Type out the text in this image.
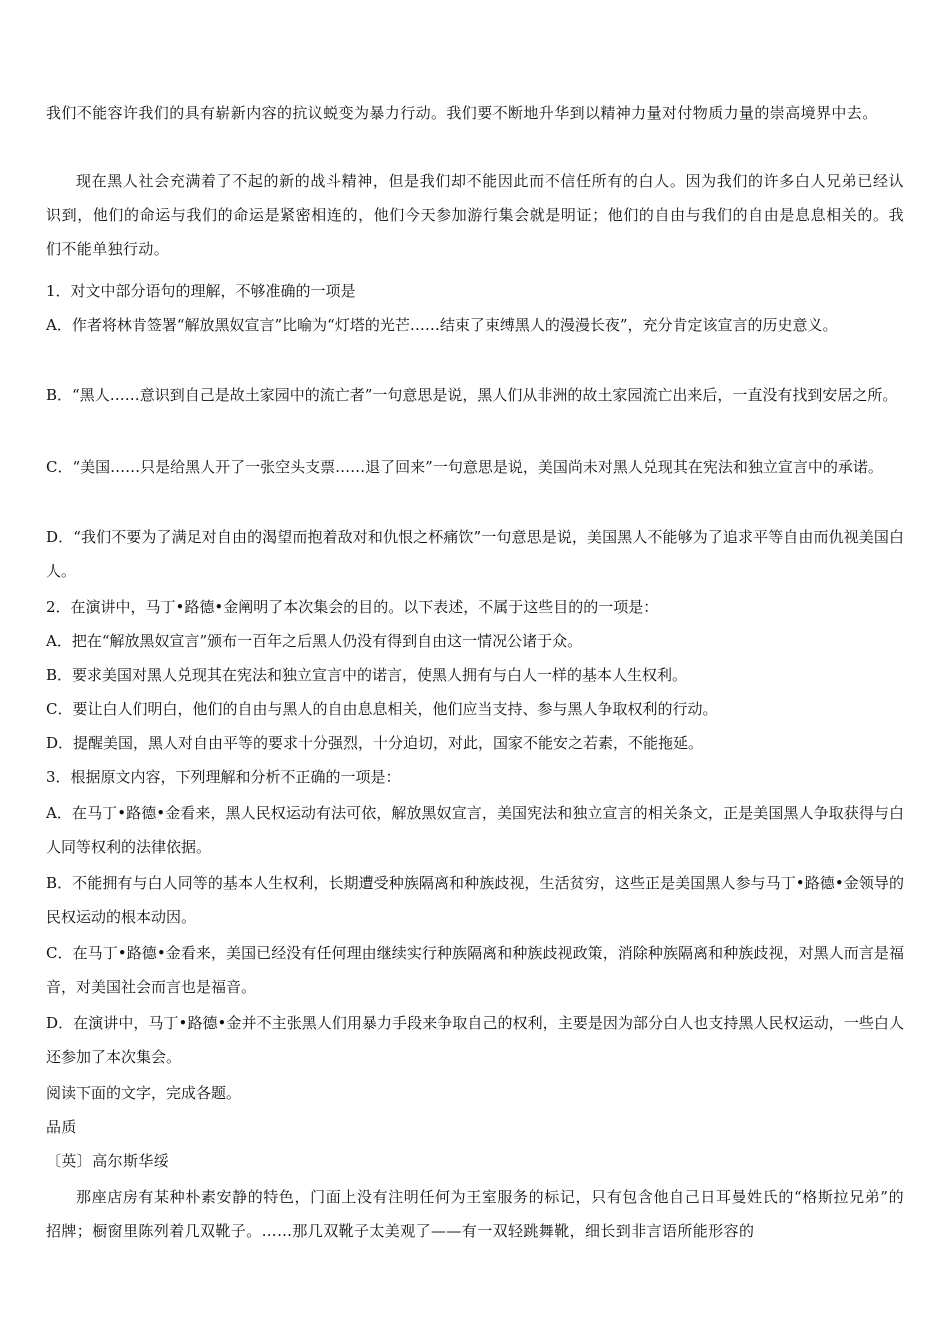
我们不能容许我们的具有崭新内容的抗议蜕变为暴力行动。我们要不断地升华到以精神力量对付物质力量的崇高境界中去。

现在黑人社会充满着了不起的新的战斗精神，但是我们却不能因此而不信任所有的白人。因为我们的许多白人兄弟已经认识到，他们的命运与我们的命运是紧密相连的，他们今天参加游行集会就是明证；他们的自由与我们的自由是息息相关的。我们不能单独行动。

1．对文中部分语句的理解，不够准确的一项是

A．作者将林肯签署“解放黑奴宣言”比喻为“灯塔的光芒……结束了束缚黑人的漫漫长夜”，充分肯定该宣言的历史意义。

B．“黑人……意识到自己是故土家园中的流亡者”一句意思是说，黑人们从非洲的故土家园流亡出来后，一直没有找到安居之所。

C．“美国……只是给黑人开了一张空头支票……退了回来”一句意思是说，美国尚未对黑人兑现其在宪法和独立宣言中的承诺。

D．“我们不要为了满足对自由的渴望而抱着敌对和仇恨之杯痛饮”一句意思是说，美国黑人不能够为了追求平等自由而仇视美国白人。

2．在演讲中，马丁•路德•金阐明了本次集会的目的。以下表述，不属于这些目的的一项是：

A．把在“解放黑奴宣言”颁布一百年之后黑人仍没有得到自由这一情况公诸于众。

B．要求美国对黑人兑现其在宪法和独立宣言中的诺言，使黑人拥有与白人一样的基本人生权利。

C．要让白人们明白，他们的自由与黑人的自由息息相关，他们应当支持、参与黑人争取权利的行动。

D．提醒美国，黑人对自由平等的要求十分强烈，十分迫切，对此，国家不能安之若素，不能拖延。

3．根据原文内容，下列理解和分析不正确的一项是：

A．在马丁•路德•金看来，黑人民权运动有法可依，解放黑奴宣言，美国宪法和独立宣言的相关条文，正是美国黑人争取获得与白人同等权利的法律依据。

B．不能拥有与白人同等的基本人生权利，长期遭受种族隔离和种族歧视，生活贫穷，这些正是美国黑人参与马丁•路德•金领导的民权运动的根本动因。

C．在马丁•路德•金看来，美国已经没有任何理由继续实行种族隔离和种族歧视政策，消除种族隔离和种族歧视，对黑人而言是福音，对美国社会而言也是福音。

D．在演讲中，马丁•路德•金并不主张黑人们用暴力手段来争取自己的权利，主要是因为部分白人也支持黑人民权运动，一些白人还参加了本次集会。

阅读下面的文字，完成各题。

品质

〔英〕高尔斯华绥

那座店房有某种朴素安静的特色，门面上没有注明任何为王室服务的标记，只有包含他自己日耳曼姓氏的“格斯拉兄弟”的招牌；橱窗里陈列着几双靴子。……那几双靴子太美观了——有一双轻跳舞靴，细长到非言语所能形容的
